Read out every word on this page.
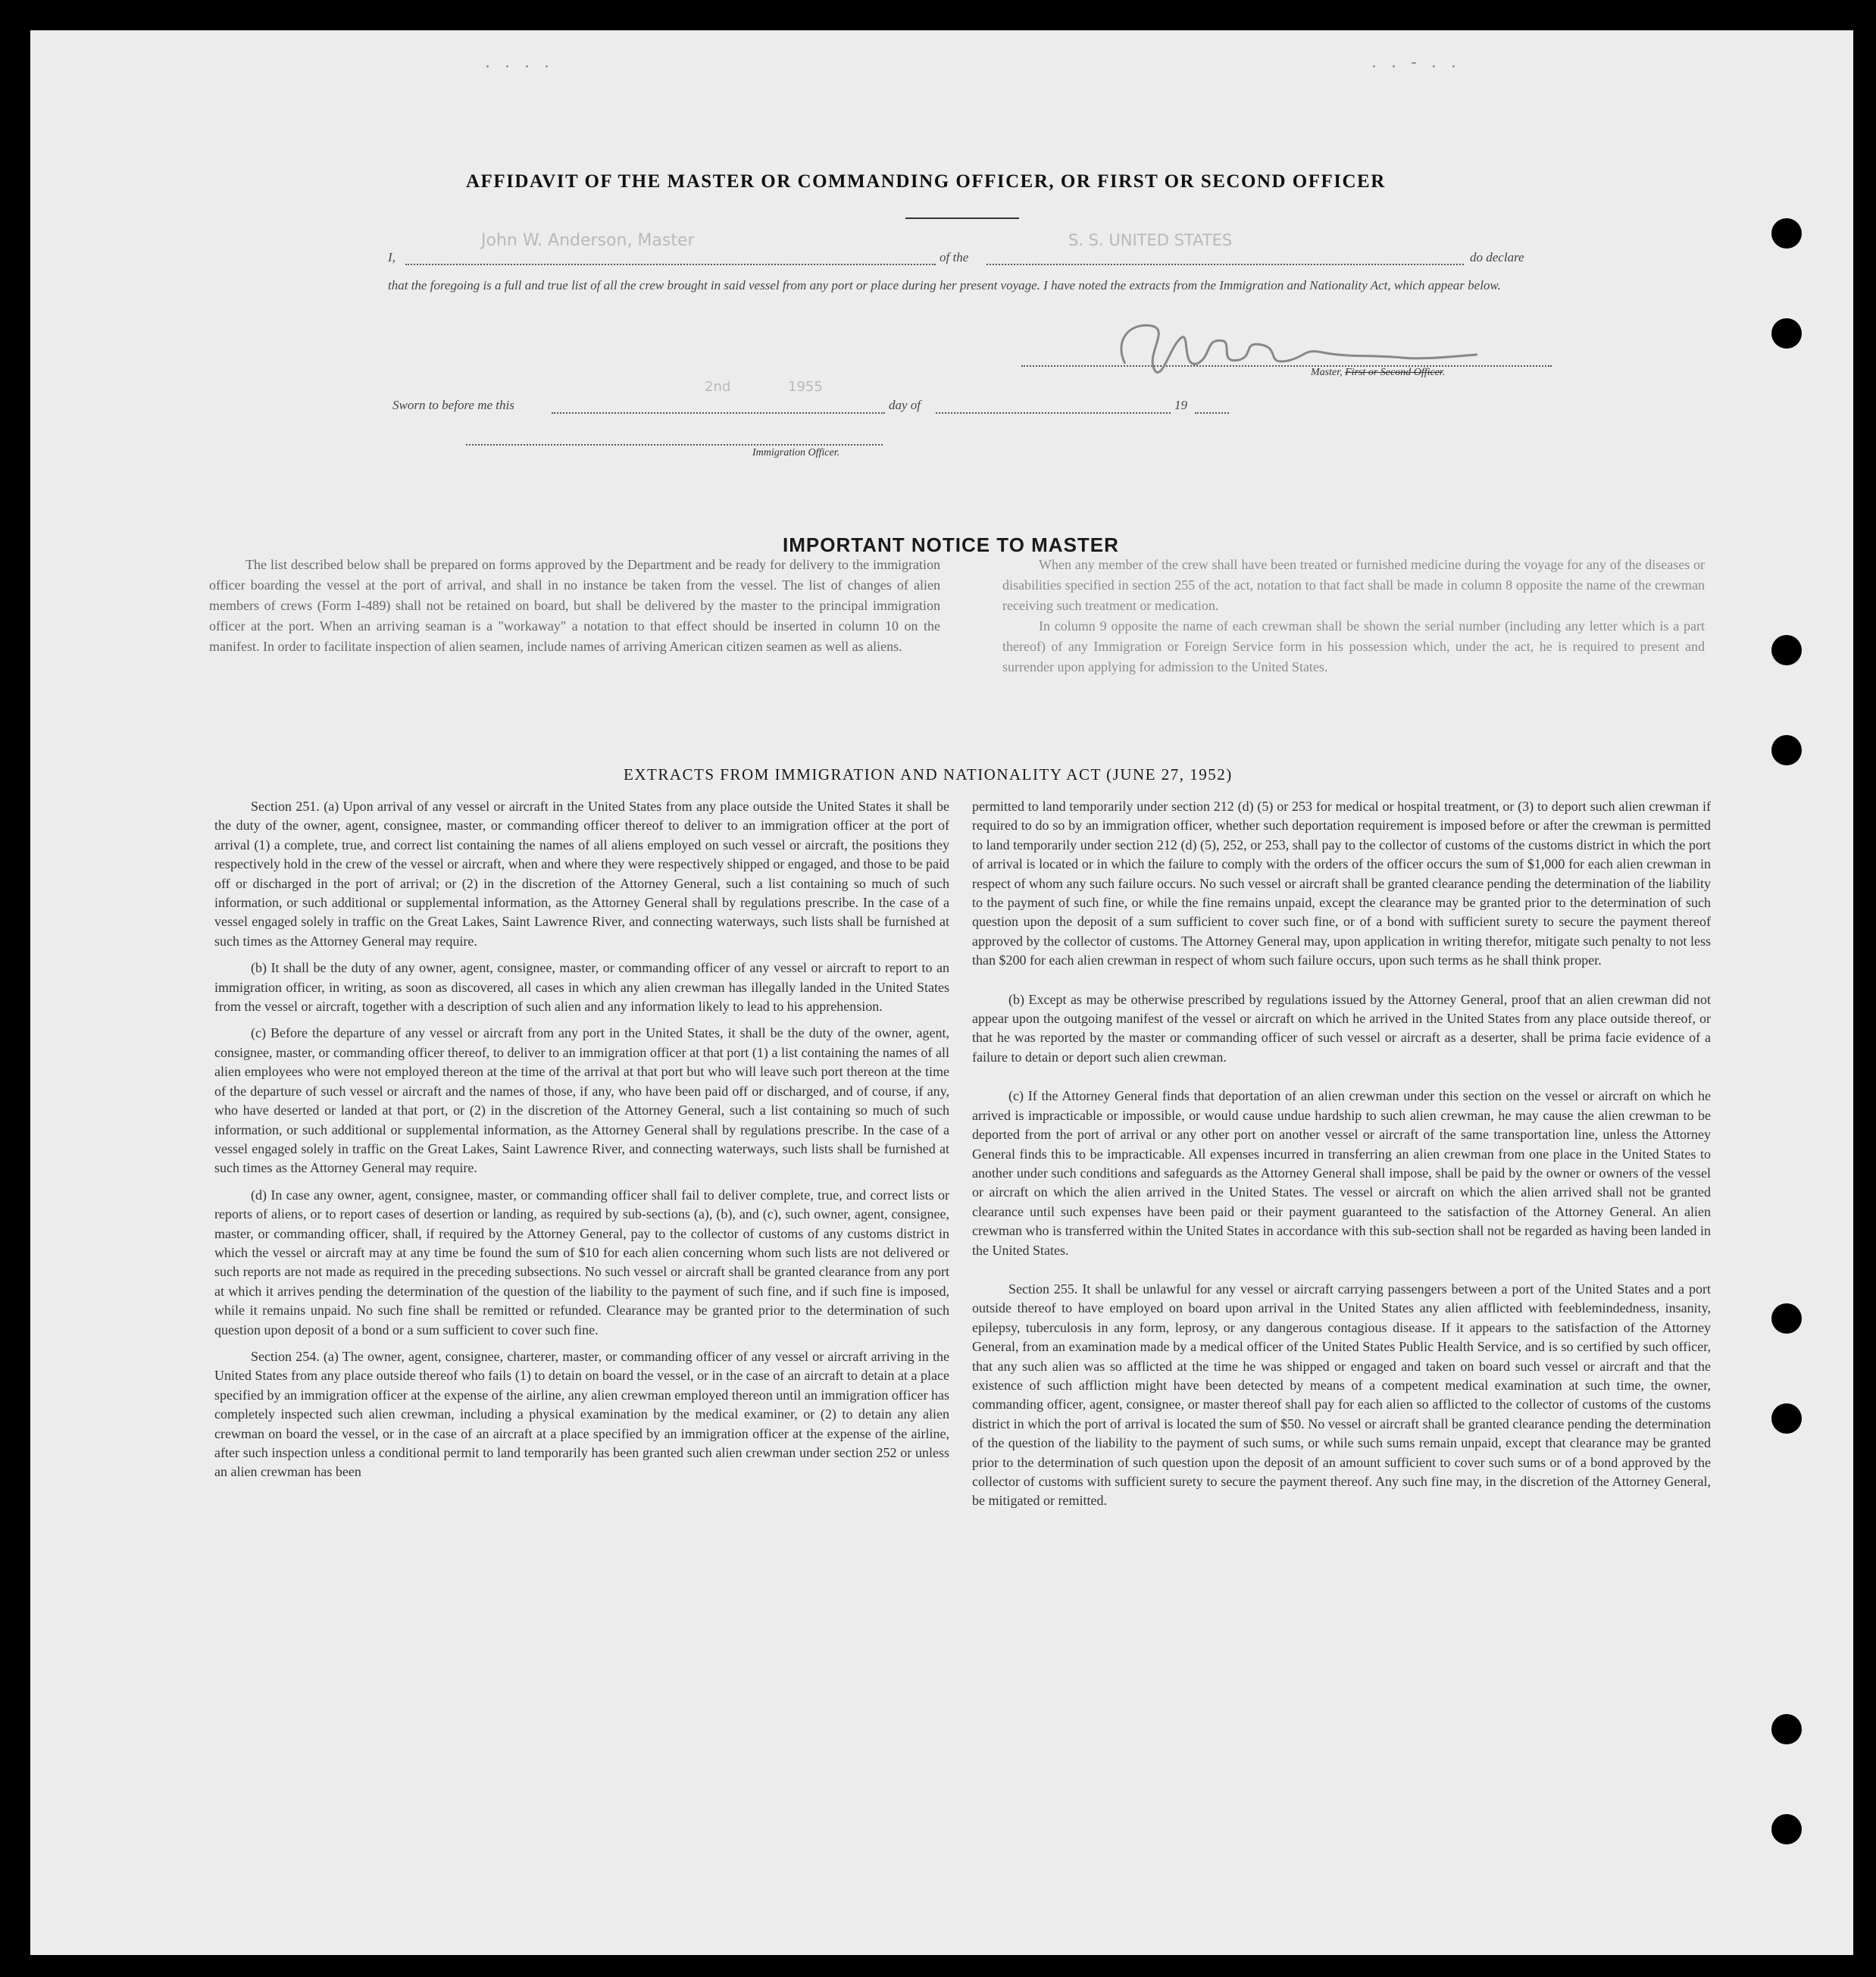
. . . .	. . - . .
AFFIDAVIT OF THE MASTER OR COMMANDING OFFICER, OR FIRST OR SECOND OFFICER
I,
John W. Anderson, Master
of the
S. S. UNITED STATES
do declare
that the foregoing is a full and true list of all the crew brought in said vessel from any port or place during her present voyage. I have noted the extracts from the Immigration and Nationality Act, which appear below.
Master, First or Second Officer.
Sworn to before me this
2nd	1955
day of	19
Immigration Officer.
IMPORTANT NOTICE TO MASTER

The list described below shall be prepared on forms approved by the Department and be ready for delivery to the immigration officer boarding the vessel at the port of arrival, and shall in no instance be taken from the vessel. The list of changes of alien members of crews (Form I-489) shall not be retained on board, but shall be delivered by the master to the principal immigration officer at the port. When an arriving seaman is a "workaway" a notation to that effect should be inserted in column 10 on the manifest. In order to facilitate inspection of alien seamen, include names of arriving American citizen seamen as well as aliens.

When any member of the crew shall have been treated or furnished medicine during the voyage for any of the diseases or disabilities specified in section 255 of the act, notation to that fact shall be made in column 8 opposite the name of the crewman receiving such treatment or medication.

In column 9 opposite the name of each crewman shall be shown the serial number (including any letter which is a part thereof) of any Immigration or Foreign Service form in his possession which, under the act, he is required to present and surrender upon applying for admission to the United States.

EXTRACTS FROM IMMIGRATION AND NATIONALITY ACT (JUNE 27, 1952)

Section 251. (a) Upon arrival of any vessel or aircraft in the United States from any place outside the United States it shall be the duty of the owner, agent, consignee, master, or commanding officer thereof to deliver to an immigration officer at the port of arrival (1) a complete, true, and correct list containing the names of all aliens employed on such vessel or aircraft, the positions they respectively hold in the crew of the vessel or aircraft, when and where they were respectively shipped or engaged, and those to be paid off or discharged in the port of arrival; or (2) in the discretion of the Attorney General, such a list containing so much of such information, or such additional or supplemental information, as the Attorney General shall by regulations prescribe. In the case of a vessel engaged solely in traffic on the Great Lakes, Saint Lawrence River, and connecting waterways, such lists shall be furnished at such times as the Attorney General may require.

(b) It shall be the duty of any owner, agent, consignee, master, or commanding officer of any vessel or aircraft to report to an immigration officer, in writing, as soon as discovered, all cases in which any alien crewman has illegally landed in the United States from the vessel or aircraft, together with a description of such alien and any information likely to lead to his apprehension.

(c) Before the departure of any vessel or aircraft from any port in the United States, it shall be the duty of the owner, agent, consignee, master, or commanding officer thereof, to deliver to an immigration officer at that port (1) a list containing the names of all alien employees who were not employed thereon at the time of the arrival at that port but who will leave such port thereon at the time of the departure of such vessel or aircraft and the names of those, if any, who have been paid off or discharged, and of course, if any, who have deserted or landed at that port, or (2) in the discretion of the Attorney General, such a list containing so much of such information, or such additional or supplemental information, as the Attorney General shall by regulations prescribe. In the case of a vessel engaged solely in traffic on the Great Lakes, Saint Lawrence River, and connecting waterways, such lists shall be furnished at such times as the Attorney General may require.

(d) In case any owner, agent, consignee, master, or commanding officer shall fail to deliver complete, true, and correct lists or reports of aliens, or to report cases of desertion or landing, as required by sub-sections (a), (b), and (c), such owner, agent, consignee, master, or commanding officer, shall, if required by the Attorney General, pay to the collector of customs of any customs district in which the vessel or aircraft may at any time be found the sum of $10 for each alien concerning whom such lists are not delivered or such reports are not made as required in the preceding subsections. No such vessel or aircraft shall be granted clearance from any port at which it arrives pending the determination of the question of the liability to the payment of such fine, and if such fine is imposed, while it remains unpaid. No such fine shall be remitted or refunded. Clearance may be granted prior to the determination of such question upon deposit of a bond or a sum sufficient to cover such fine.

Section 254. (a) The owner, agent, consignee, charterer, master, or commanding officer of any vessel or aircraft arriving in the United States from any place outside thereof who fails (1) to detain on board the vessel, or in the case of an aircraft to detain at a place specified by an immigration officer at the expense of the airline, any alien crewman employed thereon until an immigration officer has completely inspected such alien crewman, including a physical examination by the medical examiner, or (2) to detain any alien crewman on board the vessel, or in the case of an aircraft at a place specified by an immigration officer at the expense of the airline, after such inspection unless a conditional permit to land temporarily has been granted such alien crewman under section 252 or unless an alien crewman has been

permitted to land temporarily under section 212 (d) (5) or 253 for medical or hospital treatment, or (3) to deport such alien crewman if required to do so by an immigration officer, whether such deportation requirement is imposed before or after the crewman is permitted to land temporarily under section 212 (d) (5), 252, or 253, shall pay to the collector of customs of the customs district in which the port of arrival is located or in which the failure to comply with the orders of the officer occurs the sum of $1,000 for each alien crewman in respect of whom any such failure occurs. No such vessel or aircraft shall be granted clearance pending the determination of the liability to the payment of such fine, or while the fine remains unpaid, except the clearance may be granted prior to the determination of such question upon the deposit of a sum sufficient to cover such fine, or of a bond with sufficient surety to secure the payment thereof approved by the collector of customs. The Attorney General may, upon application in writing therefor, mitigate such penalty to not less than $200 for each alien crewman in respect of whom such failure occurs, upon such terms as he shall think proper.

(b) Except as may be otherwise prescribed by regulations issued by the Attorney General, proof that an alien crewman did not appear upon the outgoing manifest of the vessel or aircraft on which he arrived in the United States from any place outside thereof, or that he was reported by the master or commanding officer of such vessel or aircraft as a deserter, shall be prima facie evidence of a failure to detain or deport such alien crewman.

(c) If the Attorney General finds that deportation of an alien crewman under this section on the vessel or aircraft on which he arrived is impracticable or impossible, or would cause undue hardship to such alien crewman, he may cause the alien crewman to be deported from the port of arrival or any other port on another vessel or aircraft of the same transportation line, unless the Attorney General finds this to be impracticable. All expenses incurred in transferring an alien crewman from one place in the United States to another under such conditions and safeguards as the Attorney General shall impose, shall be paid by the owner or owners of the vessel or aircraft on which the alien arrived in the United States. The vessel or aircraft on which the alien arrived shall not be granted clearance until such expenses have been paid or their payment guaranteed to the satisfaction of the Attorney General. An alien crewman who is transferred within the United States in accordance with this sub-section shall not be regarded as having been landed in the United States.

Section 255. It shall be unlawful for any vessel or aircraft carrying passengers between a port of the United States and a port outside thereof to have employed on board upon arrival in the United States any alien afflicted with feeblemindedness, insanity, epilepsy, tuberculosis in any form, leprosy, or any dangerous contagious disease. If it appears to the satisfaction of the Attorney General, from an examination made by a medical officer of the United States Public Health Service, and is so certified by such officer, that any such alien was so afflicted at the time he was shipped or engaged and taken on board such vessel or aircraft and that the existence of such affliction might have been detected by means of a competent medical examination at such time, the owner, commanding officer, agent, consignee, or master thereof shall pay for each alien so afflicted to the collector of customs of the customs district in which the port of arrival is located the sum of $50. No vessel or aircraft shall be granted clearance pending the determination of the question of the liability to the payment of such sums, or while such sums remain unpaid, except that clearance may be granted prior to the determination of such question upon the deposit of an amount sufficient to cover such sums or of a bond approved by the collector of customs with sufficient surety to secure the payment thereof. Any such fine may, in the discretion of the Attorney General, be mitigated or remitted.
